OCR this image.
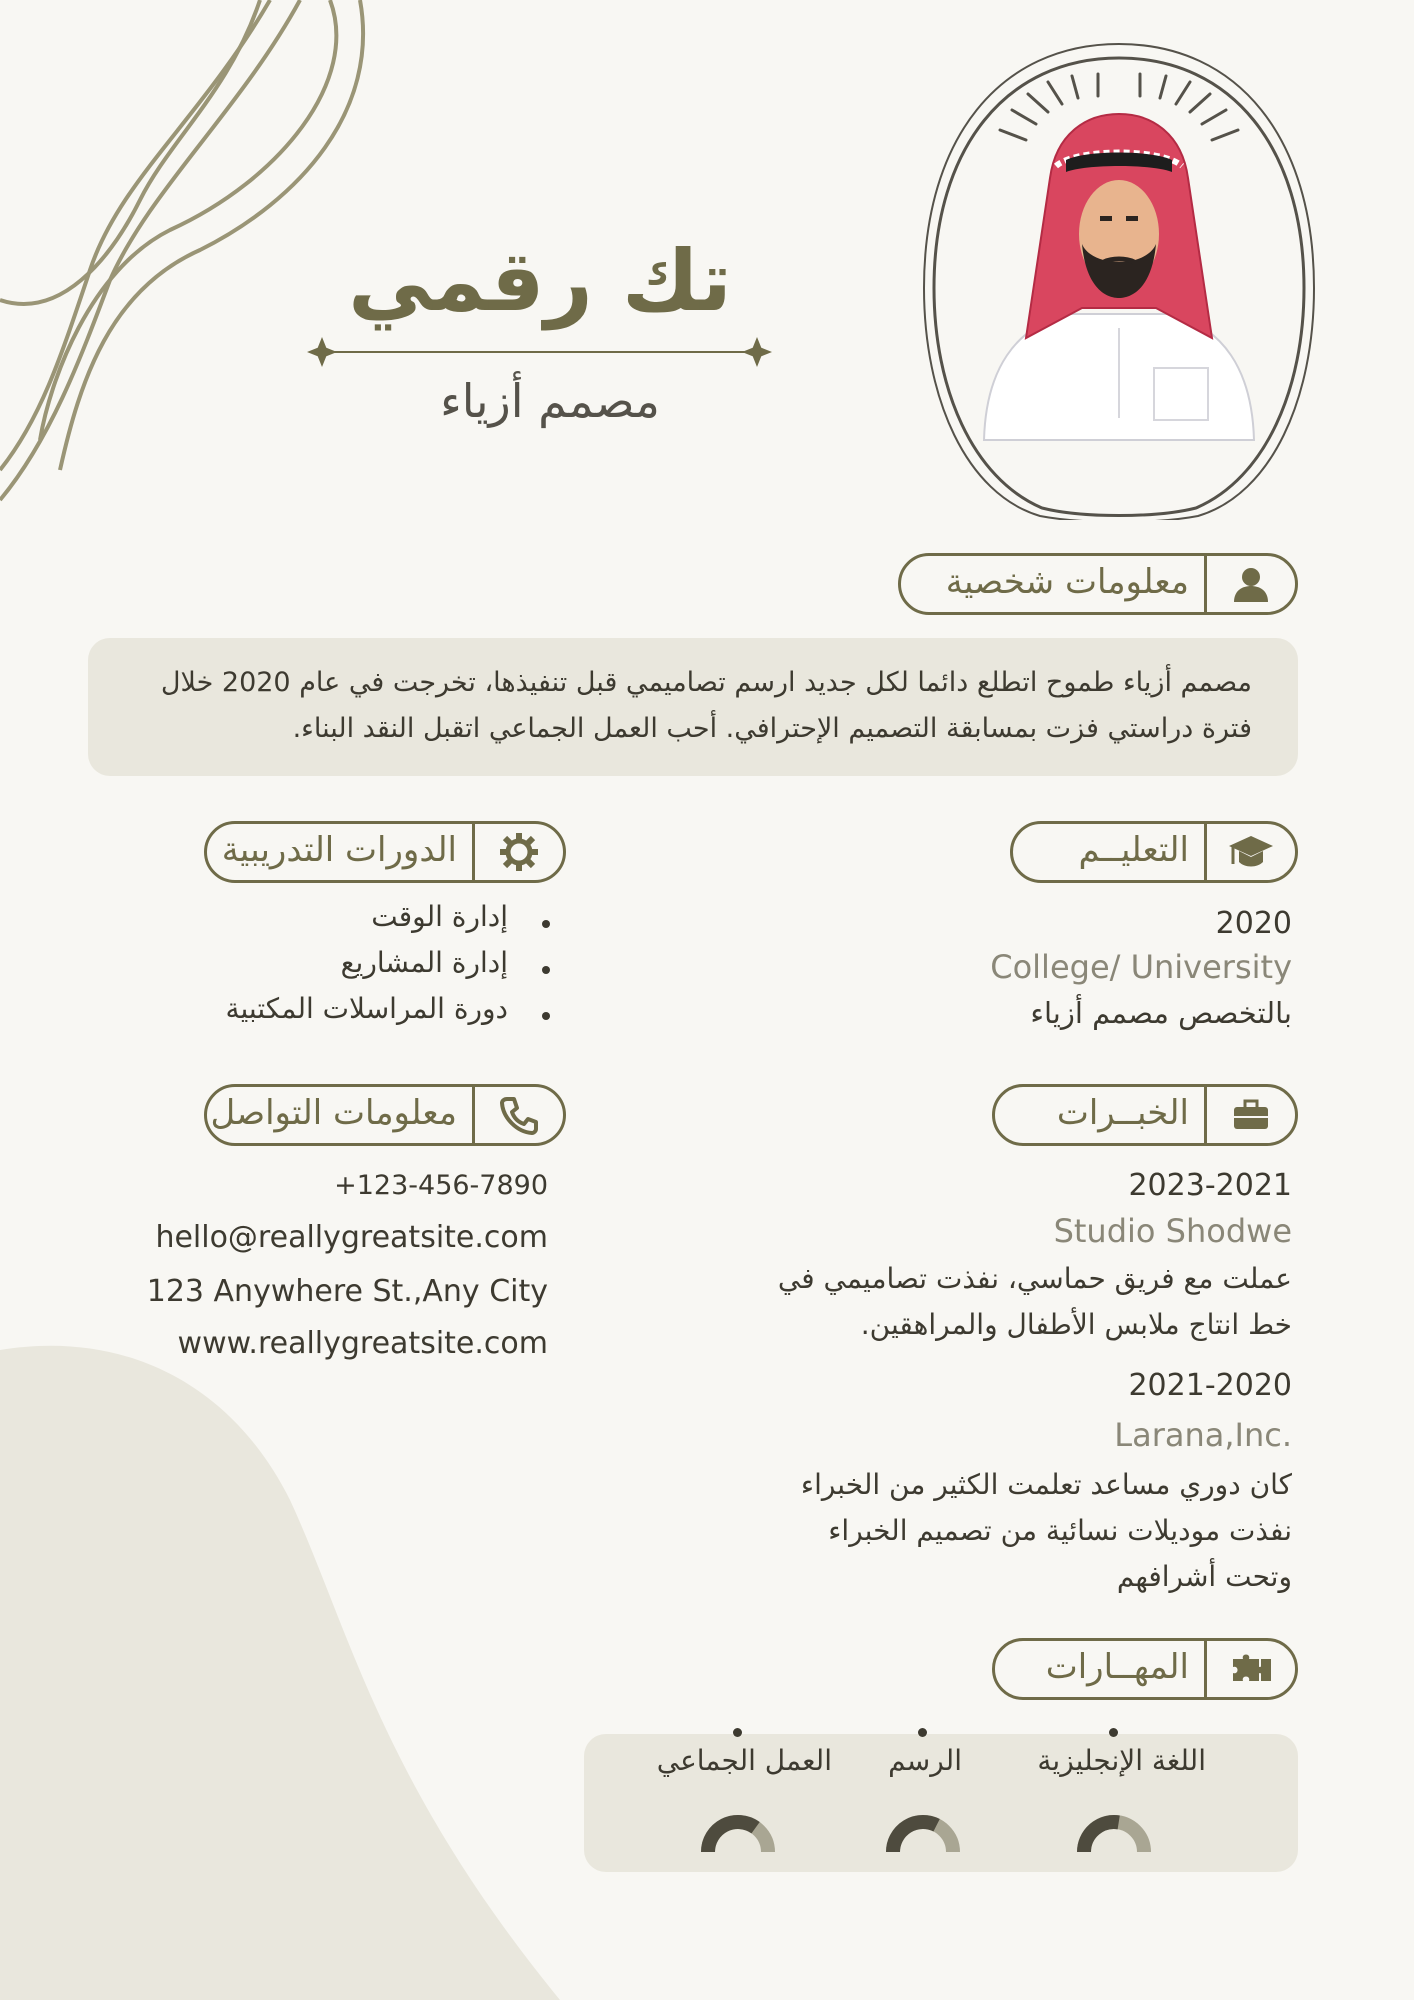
تك رقمي
مصمم أزياء
معلومات شخصية
مصمم أزياء طموح اتطلع دائما لكل جديد ارسم تصاميمي قبل تنفيذها، تخرجت في عام 2020 خلال فترة دراستي فزت بمسابقة التصميم الإحترافي. أحب العمل الجماعي اتقبل النقد البناء.
التعليــم
2020
College/ University
بالتخصص مصمم أزياء
الدورات التدريبية
إدارة الوقت
إدارة المشاريع
دورة المراسلات المكتبية
الخبــرات
2023-2021
Studio Shodwe
عملت مع فريق حماسي، نفذت تصاميمي في
خط انتاج ملابس الأطفال والمراهقين.
2021-2020
Larana,Inc.
كان دوري مساعد تعلمت الكثير من الخبراء
نفذت موديلات نسائية من تصميم الخبراء
وتحت أشرافهم
معلومات التواصل
+123-456-7890
hello@reallygreatsite.com
123 Anywhere St.,Any City
www.reallygreatsite.com
المهــارات
اللغة الإنجليزية
الرسم
العمل الجماعي
